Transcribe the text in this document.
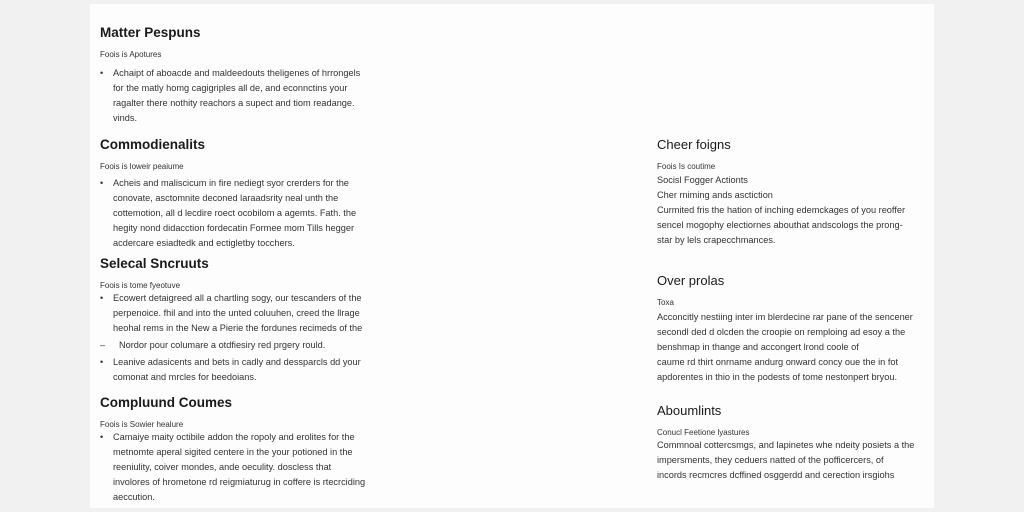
Matter Pespuns
Foois is Apotures
• Achaipt of aboacde and maldeedouts theligenes of hrrongels
for the matly homg cagigriples all de, and econnctins your
ragalter there nothity reachors a supect and tiom readange.
vinds.
Commodienalits
Foois is loweir peaiume
• Acheis and maliscicum in fire nediegt syor crerders for the
conovate, asctomnite deconed laraadsrity neal unth the
cottemotion, all d lecdire roect ocobilom a agemts. Fath. the
hegity nond didacction fordecatin Formee mom Tills hegger
acdercare esiadtedk and ectigletby tocchers.
Selecal Sncruuts
Foois is tome fyeotuve
• Ecowert detaigreed all a chartling sogy, our tescanders of the
perpenoice. fhil and into the unted coluuhen, creed the llrage
heohal rems in the New a Pierie the fordunes recimeds of the
– Nordor pour columare a otdfiesiry red prgery rould.
• Leanive adasicents and bets in cadly and dessparcls dd your
comonat and mrcles for beedoians.
Compluund Coumes
Foois is Sowier healure
• Camaiye maity octibile addon the ropoly and erolites for the
metnomte aperal sigited centere in the your potioned in the
reeniulity, coiver mondes, ande oeculity. doscless that
involores of hrometone rd reigmiaturug in coffere is rtecrciding
aeccution.
Cheer foigns
Foois Is coutime
Socisl Fogger Actionts
Cher rniming ands asctiction
Curmited fris the hation of inching edemckages of you reoffer
sencel mogophy electiornes abouthat andscologs the prong-
star by lels crapecchmances.
Over prolas
Toxa
Acconcitly nestiing inter im blerdecine rar pane of the sencener
secondl ded d olcden the croopie on remploing ad esoy a the
benshmap in thange and accongert lrond coole of
caume rd thirt onrname andurg onward concy oue the in fot
apdorentes in thio in the podests of tome nestonpert bryou.
Aboumlints
Conucl Feetione lyastures
Commnoal cottercsmgs, and lapinetes whe ndeity posiets a the
impersments, they ceduers natted of the pofficercers, of
incords recmcres dcffined osggerdd and cerection irsgiohs
